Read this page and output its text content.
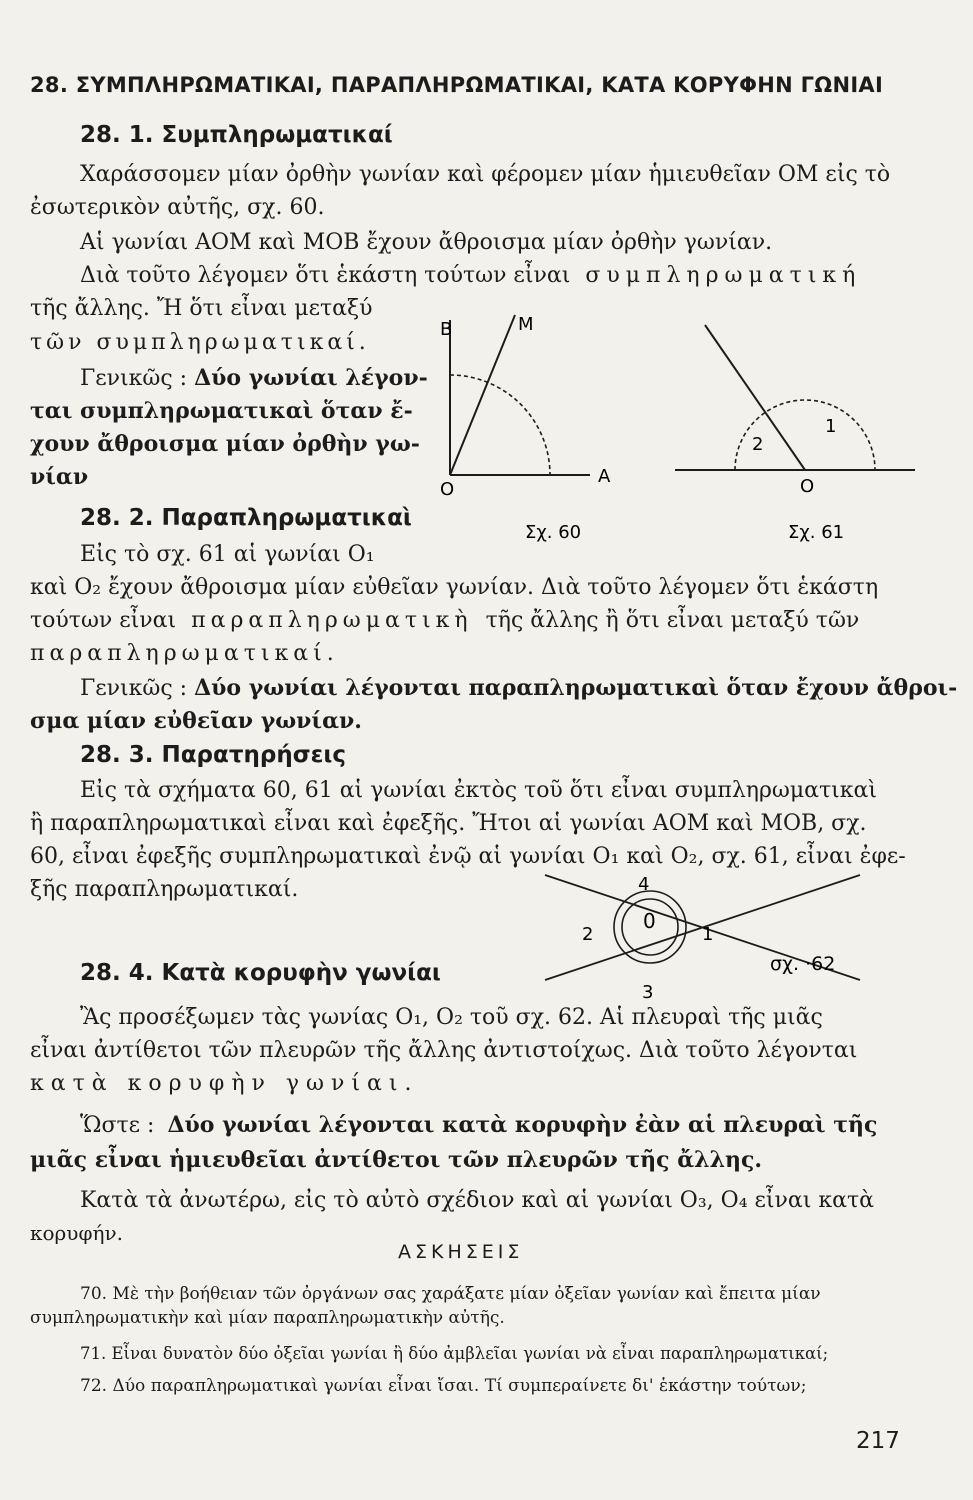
28. ΣΥΜΠΛΗΡΩΜΑΤΙΚΑΙ, ΠΑΡΑΠΛΗΡΩΜΑΤΙΚΑΙ, ΚΑΤΑ ΚΟΡΥΦΗΝ ΓΩΝΙΑΙ
28. 1. Συμπληρωματικαί
Χαράσσομεν μίαν ὀρθὴν γωνίαν καὶ φέρομεν μίαν ἡμιευθεῖαν ΟΜ εἰς τὸ
ἐσωτερικὸν αὐτῆς, σχ. 60.
Αἱ γωνίαι ΑΟΜ καὶ ΜΟΒ ἔχουν ἄθροισμα μίαν ὀρθὴν γωνίαν.
Διὰ τοῦτο λέγομεν ὅτι ἑκάστη τούτων εἶναι συμπληρωματική
τῆς ἄλλης. Ἤ ὅτι εἶναι μεταξύ
τῶν συμπληρωματικαί.
Γενικῶς : Δύο γωνίαι λέγον-
ται συμπληρωματικαὶ ὅταν ἔ-
χουν ἄθροισμα μίαν ὀρθὴν γω-
νίαν
B	M
O
A
Σχ. 60
1
2
O
Σχ. 61
28. 2. Παραπληρωματικαὶ
Εἰς τὸ σχ. 61 αἱ γωνίαι O₁
καὶ O₂ ἔχουν ἄθροισμα μίαν εὐθεῖαν γωνίαν. Διὰ τοῦτο λέγομεν ὅτι ἑκάστη
τούτων εἶναι παραπληρωματικὴ τῆς ἄλλης ἢ ὅτι εἶναι μεταξύ τῶν
παραπληρωματικαί.
Γενικῶς : Δύο γωνίαι λέγονται παραπληρωματικαὶ ὅταν ἔχουν ἄθροι-
σμα μίαν εὐθεῖαν γωνίαν.
28. 3. Παρατηρήσεις
Εἰς τὰ σχήματα 60, 61 αἱ γωνίαι ἐκτὸς τοῦ ὅτι εἶναι συμπληρωματικαὶ
ἢ παραπληρωματικαὶ εἶναι καὶ ἐφεξῆς. Ἤτοι αἱ γωνίαι ΑΟΜ καὶ ΜΟΒ, σχ.
60, εἶναι ἐφεξῆς συμπληρωματικαὶ ἐνῷ αἱ γωνίαι O₁ καὶ O₂, σχ. 61, εἶναι ἐφε-
ξῆς παραπληρωματικαί.
0
1
2
3
4
σχ. ·62
28. 4. Κατὰ κορυφὴν γωνίαι
Ἂς προσέξωμεν τὰς γωνίας O₁, O₂ τοῦ σχ. 62. Αἱ πλευραὶ τῆς μιᾶς
εἶναι ἀντίθετοι τῶν πλευρῶν τῆς ἄλλης ἀντιστοίχως. Διὰ τοῦτο λέγονται
κατὰ κορυφὴν γωνίαι.
Ὥστε : Δύο γωνίαι λέγονται κατὰ κορυφὴν ἐὰν αἱ πλευραὶ τῆς
μιᾶς εἶναι ἡμιευθεῖαι ἀντίθετοι τῶν πλευρῶν τῆς ἄλλης.
Κατὰ τὰ ἀνωτέρω, εἰς τὸ αὐτὸ σχέδιον καὶ αἱ γωνίαι O₃, O₄ εἶναι κατὰ
κορυφήν.
ΑΣΚΗΣΕΙΣ
70. Μὲ τὴν βοήθειαν τῶν ὀργάνων σας χαράξατε μίαν ὀξεῖαν γωνίαν καὶ ἔπειτα μίαν
συμπληρωματικὴν καὶ μίαν παραπληρωματικὴν αὐτῆς.
71. Εἶναι δυνατὸν δύο ὀξεῖαι γωνίαι ἢ δύο ἀμβλεῖαι γωνίαι νὰ εἶναι παραπληρωματικαί;
72. Δύο παραπληρωματικαὶ γωνίαι εἶναι ἴσαι. Τί συμπεραίνετε δι' ἑκάστην τούτων;
217
